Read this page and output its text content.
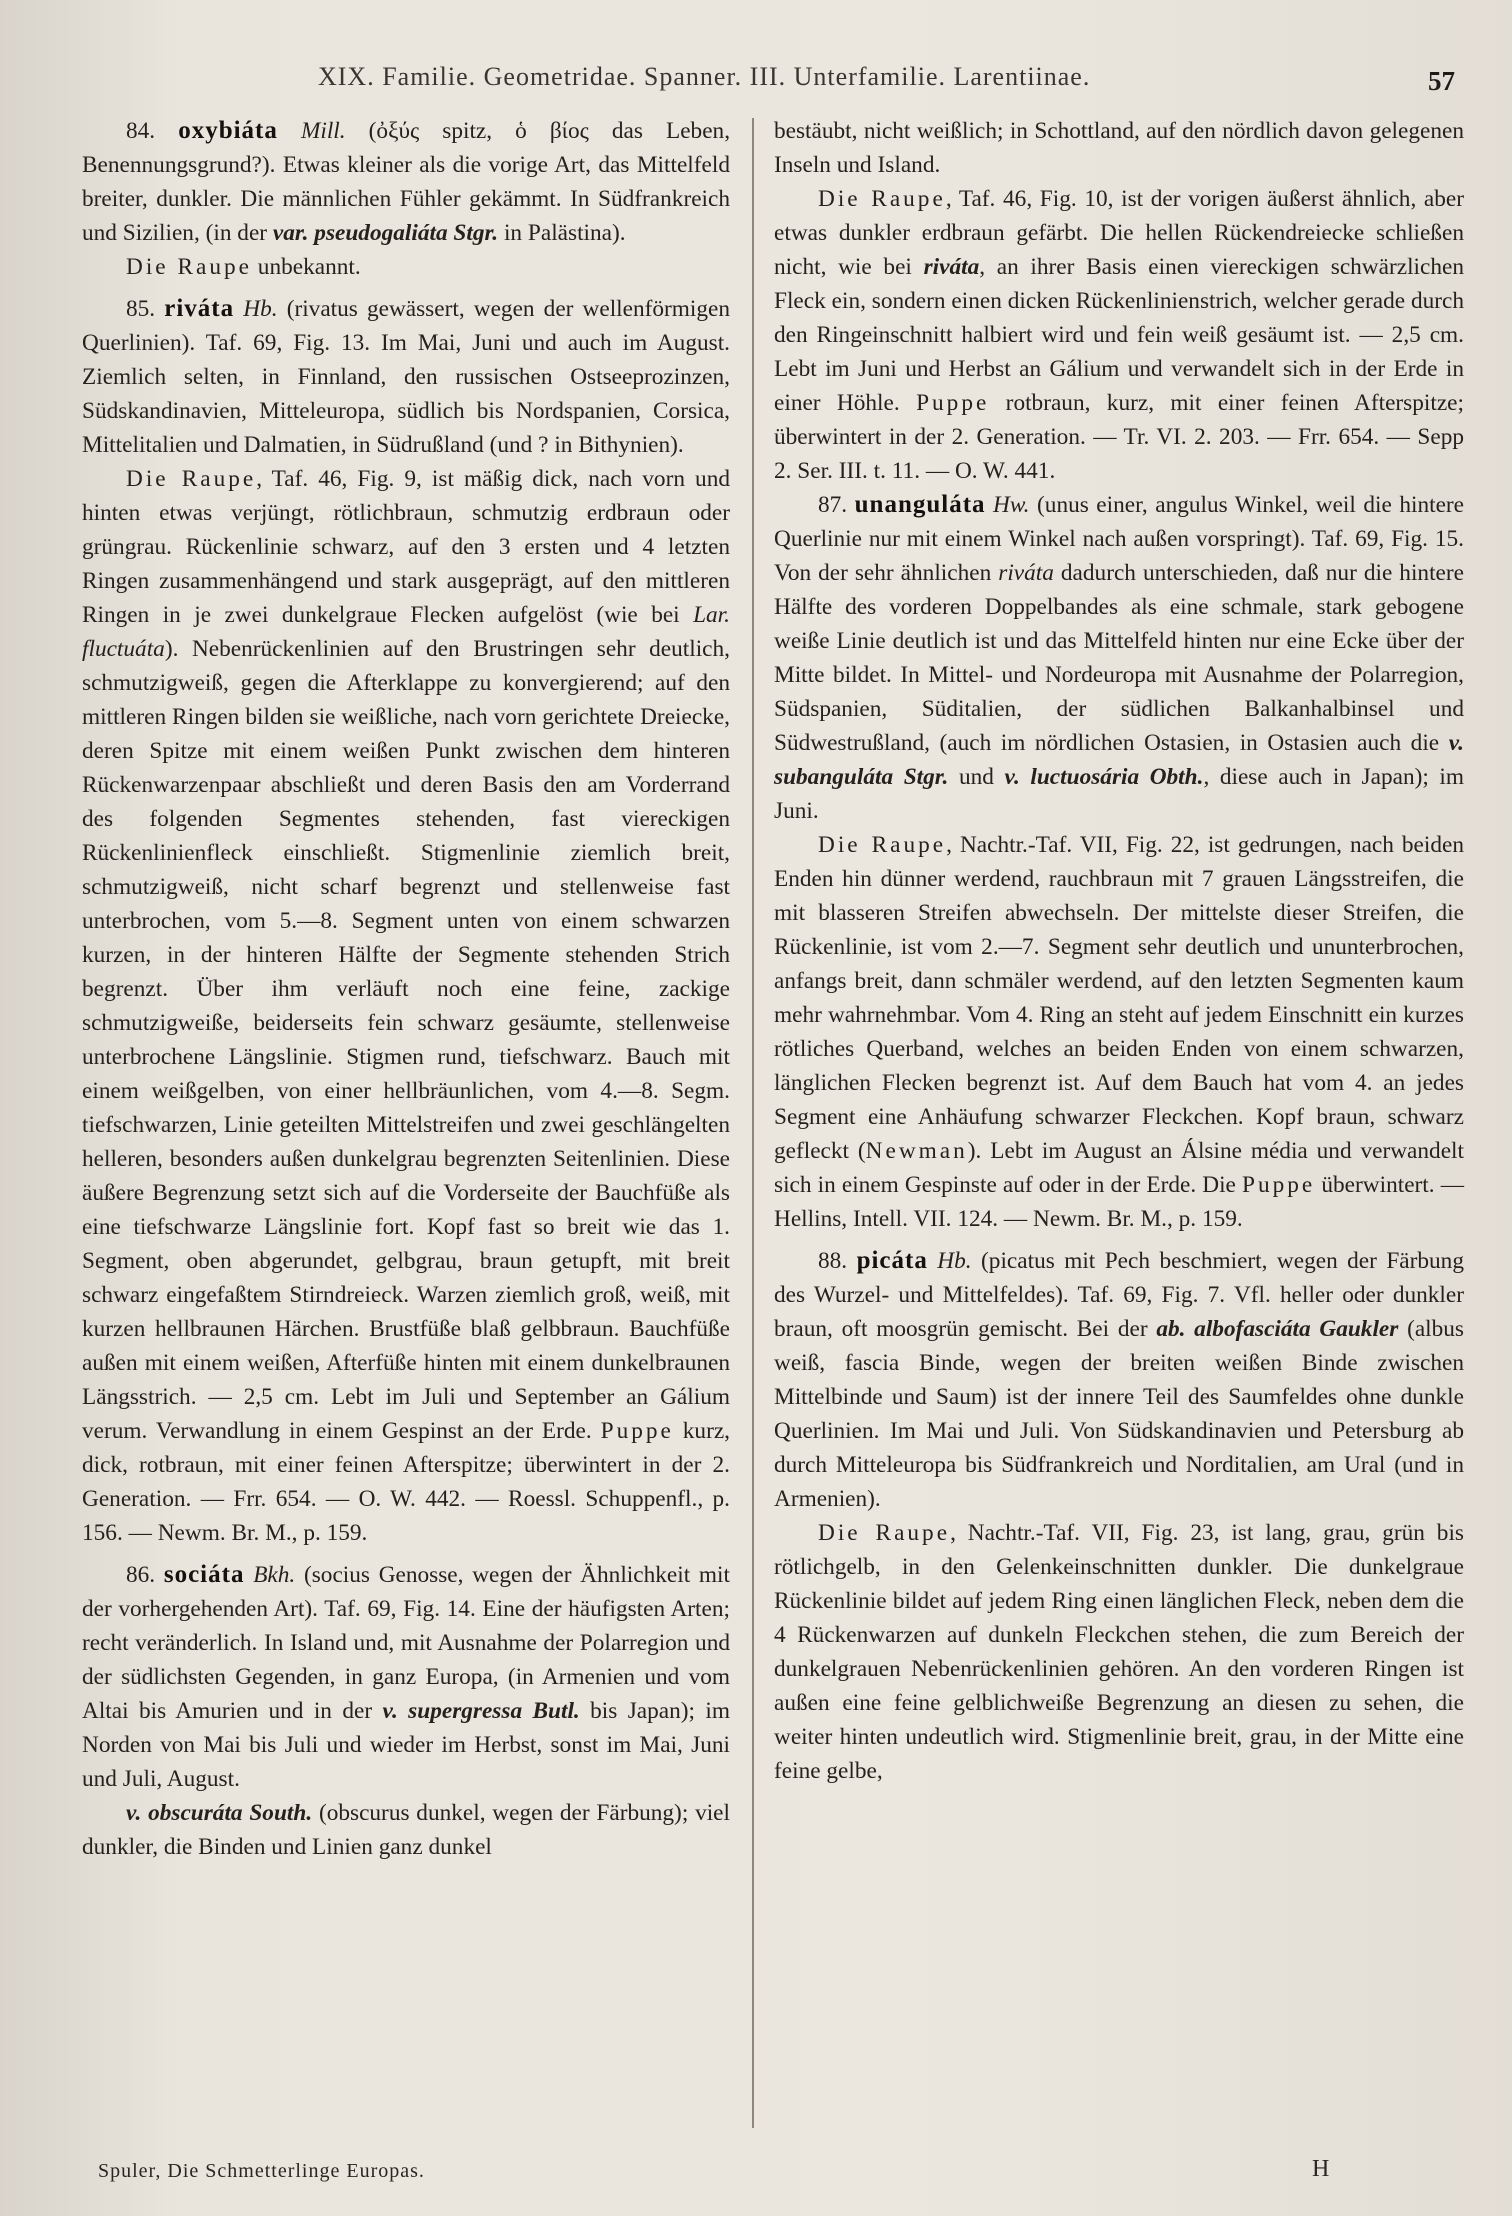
XIX. Familie. Geometridae. Spanner. III. Unterfamilie. Larentiinae.	57

84. oxybiáta Mill. (ὀξύς spitz, ὁ βίος das Leben, Benennungsgrund?). Etwas kleiner als die vorige Art, das Mittelfeld breiter, dunkler. Die männlichen Fühler gekämmt. In Südfrankreich und Sizilien, (in der var. pseudogaliáta Stgr. in Palästina).

Die Raupe unbekannt.

85. riváta Hb. (rivatus gewässert, wegen der wellenförmigen Querlinien). Taf. 69, Fig. 13. Im Mai, Juni und auch im August. Ziemlich selten, in Finnland, den russischen Ostseeprozinzen, Südskandinavien, Mitteleuropa, südlich bis Nordspanien, Corsica, Mittelitalien und Dalmatien, in Südrußland (und ? in Bithynien).

Die Raupe, Taf. 46, Fig. 9, ist mäßig dick, nach vorn und hinten etwas verjüngt, rötlichbraun, schmutzig erdbraun oder grüngrau. Rückenlinie schwarz, auf den 3 ersten und 4 letzten Ringen zusammenhängend und stark ausgeprägt, auf den mittleren Ringen in je zwei dunkelgraue Flecken aufgelöst (wie bei Lar. fluctuáta). Nebenrückenlinien auf den Brustringen sehr deutlich, schmutzigweiß, gegen die Afterklappe zu konvergierend; auf den mittleren Ringen bilden sie weißliche, nach vorn gerichtete Dreiecke, deren Spitze mit einem weißen Punkt zwischen dem hinteren Rückenwarzenpaar abschließt und deren Basis den am Vorderrand des folgenden Segmentes stehenden, fast viereckigen Rückenlinienfleck einschließt. Stigmenlinie ziemlich breit, schmutzigweiß, nicht scharf begrenzt und stellenweise fast unterbrochen, vom 5.—8. Segment unten von einem schwarzen kurzen, in der hinteren Hälfte der Segmente stehenden Strich begrenzt. Über ihm verläuft noch eine feine, zackige schmutzigweiße, beiderseits fein schwarz gesäumte, stellenweise unterbrochene Längslinie. Stigmen rund, tiefschwarz. Bauch mit einem weißgelben, von einer hellbräunlichen, vom 4.—8. Segm. tiefschwarzen, Linie geteilten Mittelstreifen und zwei geschlängelten helleren, besonders außen dunkelgrau begrenzten Seitenlinien. Diese äußere Begrenzung setzt sich auf die Vorderseite der Bauchfüße als eine tiefschwarze Längslinie fort. Kopf fast so breit wie das 1. Segment, oben abgerundet, gelbgrau, braun getupft, mit breit schwarz eingefaßtem Stirndreieck. Warzen ziemlich groß, weiß, mit kurzen hellbraunen Härchen. Brustfüße blaß gelbbraun. Bauchfüße außen mit einem weißen, Afterfüße hinten mit einem dunkelbraunen Längsstrich. — 2,5 cm. Lebt im Juli und September an Gálium verum. Verwandlung in einem Gespinst an der Erde. Puppe kurz, dick, rotbraun, mit einer feinen Afterspitze; überwintert in der 2. Generation. — Frr. 654. — O. W. 442. — Roessl. Schuppenfl., p. 156. — Newm. Br. M., p. 159.

86. sociáta Bkh. (socius Genosse, wegen der Ähnlichkeit mit der vorhergehenden Art). Taf. 69, Fig. 14. Eine der häufigsten Arten; recht veränderlich. In Island und, mit Ausnahme der Polarregion und der südlichsten Gegenden, in ganz Europa, (in Armenien und vom Altai bis Amurien und in der v. supergressa Butl. bis Japan); im Norden von Mai bis Juli und wieder im Herbst, sonst im Mai, Juni und Juli, August.

v. obscuráta South. (obscurus dunkel, wegen der Färbung); viel dunkler, die Binden und Linien ganz dunkel

bestäubt, nicht weißlich; in Schottland, auf den nördlich davon gelegenen Inseln und Island.

Die Raupe, Taf. 46, Fig. 10, ist der vorigen äußerst ähnlich, aber etwas dunkler erdbraun gefärbt. Die hellen Rückendreiecke schließen nicht, wie bei riváta, an ihrer Basis einen viereckigen schwärzlichen Fleck ein, sondern einen dicken Rückenlinienstrich, welcher gerade durch den Ringeinschnitt halbiert wird und fein weiß gesäumt ist. — 2,5 cm. Lebt im Juni und Herbst an Gálium und verwandelt sich in der Erde in einer Höhle. Puppe rotbraun, kurz, mit einer feinen Afterspitze; überwintert in der 2. Generation. — Tr. VI. 2. 203. — Frr. 654. — Sepp 2. Ser. III. t. 11. — O. W. 441.

87. unanguláta Hw. (unus einer, angulus Winkel, weil die hintere Querlinie nur mit einem Winkel nach außen vorspringt). Taf. 69, Fig. 15. Von der sehr ähnlichen riváta dadurch unterschieden, daß nur die hintere Hälfte des vorderen Doppelbandes als eine schmale, stark gebogene weiße Linie deutlich ist und das Mittelfeld hinten nur eine Ecke über der Mitte bildet. In Mittel- und Nordeuropa mit Ausnahme der Polarregion, Südspanien, Süditalien, der südlichen Balkanhalbinsel und Südwestrußland, (auch im nördlichen Ostasien, in Ostasien auch die v. subanguláta Stgr. und v. luctuosária Obth., diese auch in Japan); im Juni.

Die Raupe, Nachtr.-Taf. VII, Fig. 22, ist gedrungen, nach beiden Enden hin dünner werdend, rauchbraun mit 7 grauen Längsstreifen, die mit blasseren Streifen abwechseln. Der mittelste dieser Streifen, die Rückenlinie, ist vom 2.—7. Segment sehr deutlich und ununterbrochen, anfangs breit, dann schmäler werdend, auf den letzten Segmenten kaum mehr wahrnehmbar. Vom 4. Ring an steht auf jedem Einschnitt ein kurzes rötliches Querband, welches an beiden Enden von einem schwarzen, länglichen Flecken begrenzt ist. Auf dem Bauch hat vom 4. an jedes Segment eine Anhäufung schwarzer Fleckchen. Kopf braun, schwarz gefleckt (Newman). Lebt im August an Álsine média und verwandelt sich in einem Gespinste auf oder in der Erde. Die Puppe überwintert. — Hellins, Intell. VII. 124. — Newm. Br. M., p. 159.

88. picáta Hb. (picatus mit Pech beschmiert, wegen der Färbung des Wurzel- und Mittelfeldes). Taf. 69, Fig. 7. Vfl. heller oder dunkler braun, oft moosgrün gemischt. Bei der ab. albofasciáta Gaukler (albus weiß, fascia Binde, wegen der breiten weißen Binde zwischen Mittelbinde und Saum) ist der innere Teil des Saumfeldes ohne dunkle Querlinien. Im Mai und Juli. Von Südskandinavien und Petersburg ab durch Mitteleuropa bis Südfrankreich und Norditalien, am Ural (und in Armenien).

Die Raupe, Nachtr.-Taf. VII, Fig. 23, ist lang, grau, grün bis rötlichgelb, in den Gelenkeinschnitten dunkler. Die dunkelgraue Rückenlinie bildet auf jedem Ring einen länglichen Fleck, neben dem die 4 Rückenwarzen auf dunkeln Fleckchen stehen, die zum Bereich der dunkelgrauen Nebenrückenlinien gehören. An den vorderen Ringen ist außen eine feine gelblichweiße Begrenzung an diesen zu sehen, die weiter hinten undeutlich wird. Stigmenlinie breit, grau, in der Mitte eine feine gelbe,

Spuler, Die Schmetterlinge Europas.	H
